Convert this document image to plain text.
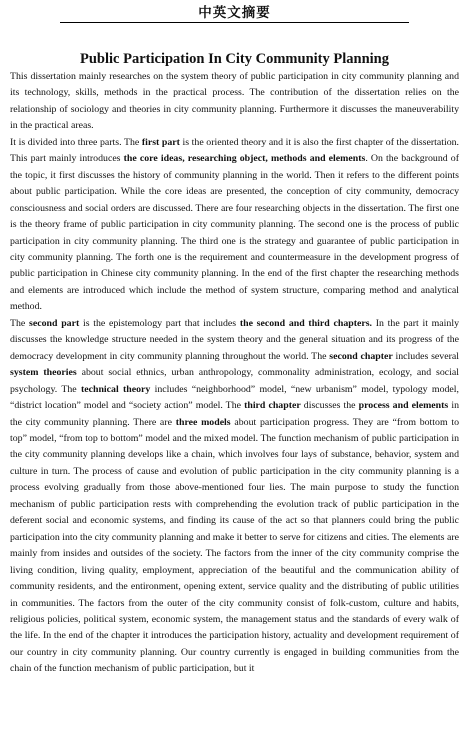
中英文摘要
Public Participation In City Community Planning

This dissertation mainly researches on the system theory of public participation in city community planning and its technology, skills, methods in the practical process. The contribution of the dissertation relies on the relationship of sociology and theories in city community planning. Furthermore it discusses the maneuverability in the practical areas.

It is divided into three parts. The first part is the oriented theory and it is also the first chapter of the dissertation. This part mainly introduces the core ideas, researching object, methods and elements. On the background of the topic, it first discusses the history of community planning in the world. Then it refers to the different points about public participation. While the core ideas are presented, the conception of city community, democracy consciousness and social orders are discussed. There are four researching objects in the dissertation. The first one is the theory frame of public participation in city community planning. The second one is the process of public participation in city community planning. The third one is the strategy and guarantee of public participation in city community planning. The forth one is the requirement and countermeasure in the development progress of public participation in Chinese city community planning. In the end of the first chapter the researching methods and elements are introduced which include the method of system structure, comparing method and analytical method.

The second part is the epistemology part that includes the second and third chapters. In the part it mainly discusses the knowledge structure needed in the system theory and the general situation and its progress of the democracy development in city community planning throughout the world. The second chapter includes several system theories about social ethnics, urban anthropology, commonality administration, ecology, and social psychology. The technical theory includes “neighborhood” model, “new urbanism” model, typology model, “district location” model and “society action” model. The third chapter discusses the process and elements in the city community planning. There are three models about participation progress. They are “from bottom to top” model, “from top to bottom” model and the mixed model. The function mechanism of public participation in the city community planning develops like a chain, which involves four lays of substance, behavior, system and culture in turn. The process of cause and evolution of public participation in the city community planning is a process evolving gradually from those above-mentioned four lies. The main purpose to study the function mechanism of public participation rests with comprehending the evolution track of public participation in the deferent social and economic systems, and finding its cause of the act so that planners could bring the public participation into the city community planning and make it better to serve for citizens and cities. The elements are mainly from insides and outsides of the society. The factors from the inner of the city community comprise the living condition, living quality, employment, appreciation of the beautiful and the communication ability of community residents, and the entironment, opening extent, service quality and the distributing of public utilities in communities. The factors from the outer of the city community consist of folk-custom, culture and habits, religious policies, political system, economic system, the management status and the standards of every walk of the life. In the end of the chapter it introduces the participation history, actuality and development requirement of our country in city community planning. Our country currently is engaged in building communities from the chain of the function mechanism of public participation, but it
